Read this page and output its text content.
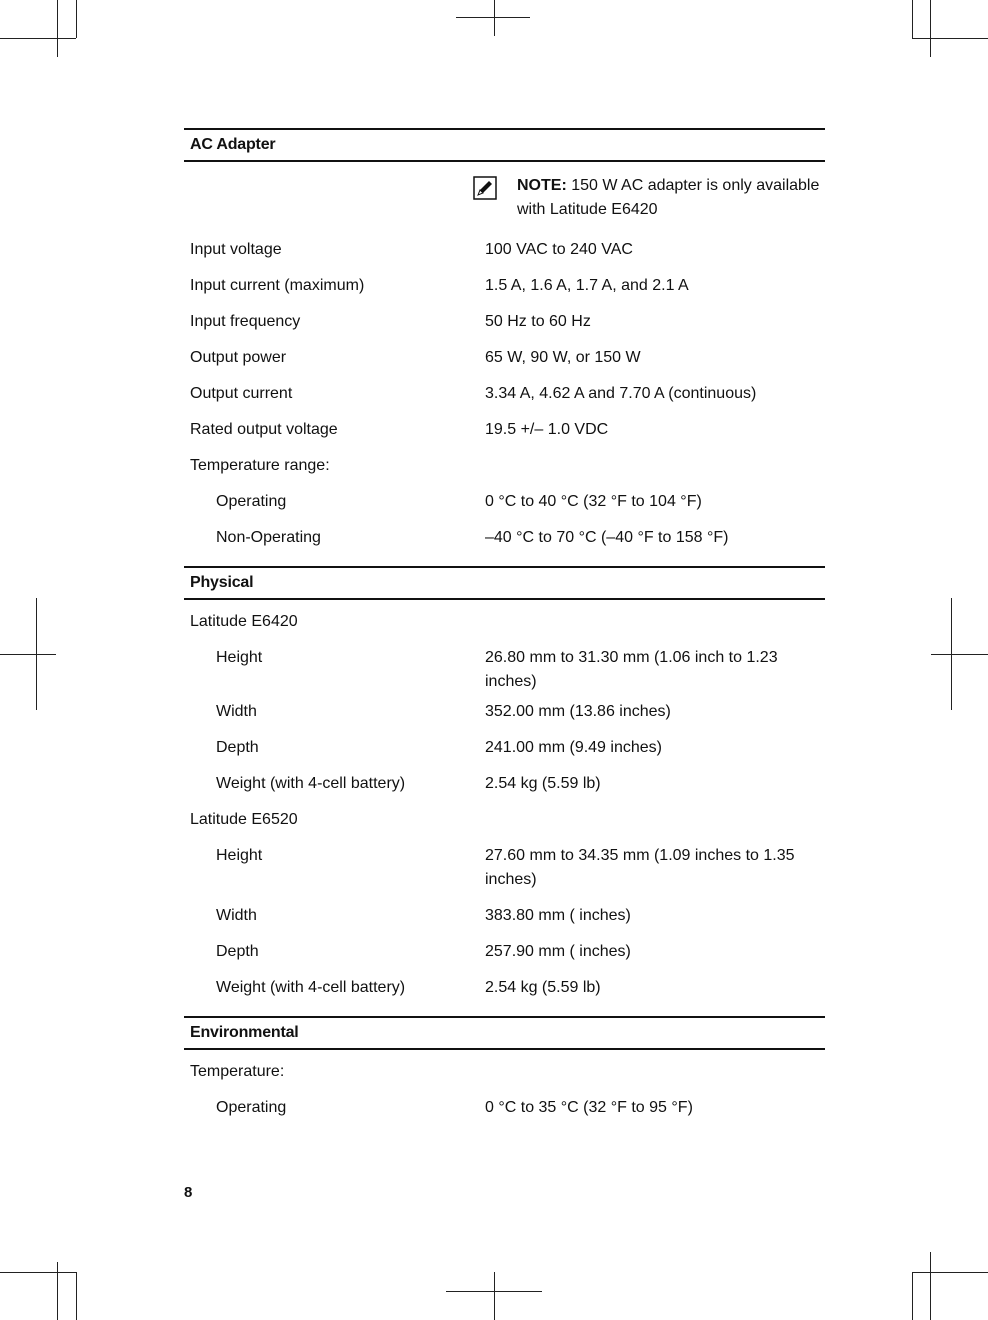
AC Adapter
NOTE: 150 W AC adapter is only available with Latitude E6420
Input voltage	100 VAC to 240 VAC
Input current (maximum)	1.5 A, 1.6 A, 1.7 A, and 2.1 A
Input frequency	50 Hz to 60 Hz
Output power	65 W, 90 W, or 150 W
Output current	3.34 A, 4.62 A and 7.70 A (continuous)
Rated output voltage	19.5 +/– 1.0 VDC
Temperature range:
Operating	0 °C to 40 °C (32 °F to 104 °F)
Non-Operating	–40 °C to 70 °C (–40 °F to 158 °F)
Physical
Latitude E6420
Height	26.80 mm to 31.30 mm (1.06 inch to 1.23 inches)
Width	352.00 mm (13.86 inches)
Depth	241.00 mm (9.49 inches)
Weight (with 4-cell battery)	2.54 kg (5.59 lb)
Latitude E6520
Height	27.60 mm to 34.35 mm (1.09 inches to 1.35 inches)
Width	383.80 mm ( inches)
Depth	257.90 mm ( inches)
Weight (with 4-cell battery)	2.54 kg (5.59 lb)
Environmental
Temperature:
Operating	0 °C to 35 °C (32 °F to 95 °F)
8
